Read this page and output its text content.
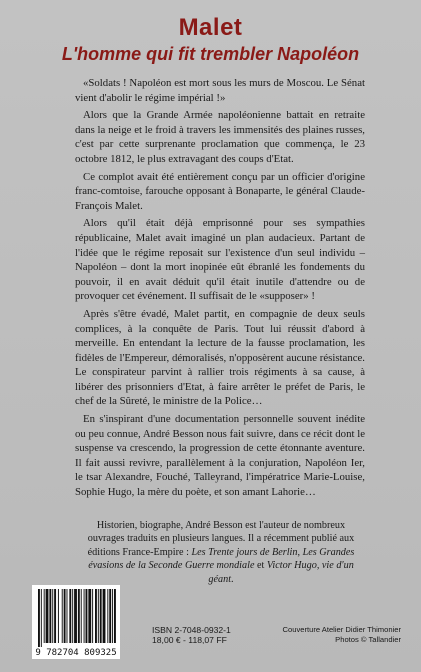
Malet
L'homme qui fit trembler Napoléon

«Soldats ! Napoléon est mort sous les murs de Moscou. Le Sénat vient d'abolir le régime impérial !»

Alors que la Grande Armée napoléonienne battait en retraite dans la neige et le froid à travers les immensités des plaines russes, c'est par cette surprenante proclamation que commença, le 23 octobre 1812, le plus extravagant des coups d'Etat.

Ce complot avait été entièrement conçu par un officier d'origine franc-comtoise, farouche opposant à Bonaparte, le général Claude-François Malet.

Alors qu'il était déjà emprisonné pour ses sympathies républicaine, Malet avait imaginé un plan audacieux. Partant de l'idée que le régime reposait sur l'existence d'un seul individu – Napoléon – dont la mort inopinée eût ébranlé les fondements du pouvoir, il en avait déduit qu'il était inutile d'attendre ou de provoquer cet événement. Il suffisait de le «supposer» !

Après s'être évadé, Malet partit, en compagnie de deux seuls complices, à la conquête de Paris. Tout lui réussit d'abord à merveille. En entendant la lecture de la fausse proclamation, les fidèles de l'Empereur, démoralisés, n'opposèrent aucune résistance. Le conspirateur parvint à rallier trois régiments à sa cause, à libérer des prisonniers d'Etat, à faire arrêter le préfet de Paris, le chef de la Sûreté, le ministre de la Police…

En s'inspirant d'une documentation personnelle souvent inédite ou peu connue, André Besson nous fait suivre, dans ce récit dont le suspense va crescendo, la progression de cette étonnante aventure. Il fait aussi revivre, parallèlement à la conjuration, Napoléon Ier, le tsar Alexandre, Fouché, Talleyrand, l'impératrice Marie-Louise, Sophie Hugo, la mère du poète, et son amant Lahorie…

Historien, biographe, André Besson est l'auteur de nombreux ouvrages traduits en plusieurs langues. Il a récemment publié aux éditions France-Empire : Les Trente jours de Berlin, Les Grandes évasions de la Seconde Guerre mondiale et Victor Hugo, vie d'un géant.

9 782704 809325
ISBN 2-7048-0932-1
18,00 € - 118,07 FF
Couverture Atelier Didier Thimonier
Photos © Tallandier
